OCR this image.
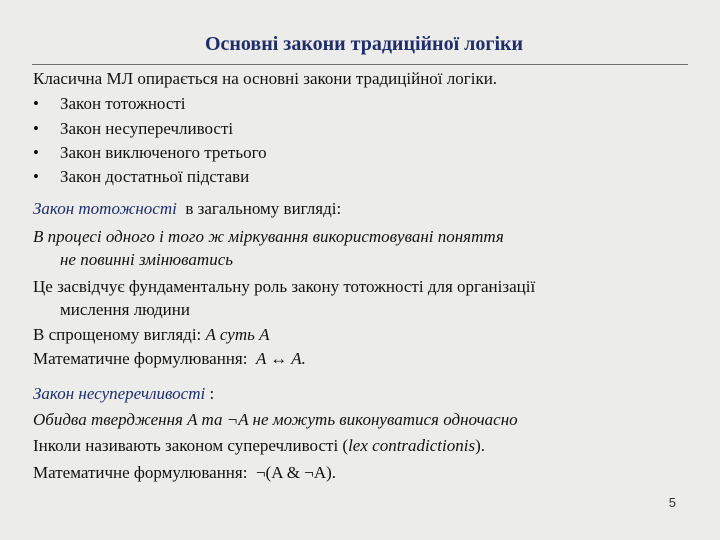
Основні закони традиційної логіки
Класична МЛ опирається на основні закони традиційної логіки.
• Закон тотожності
• Закон несуперечливості
• Закон виключеного третього
• Закон достатньої підстави
Закон тотожності в загальному вигляді:
В процесі одного і того ж міркування використовувані поняття
не повинні змінюватись
Це засвідчує фундаментальну роль закону тотожності для організації
мислення людини
В спрощеному вигляді: A суть A
Математичне формулювання: A ↔ A.
Закон несуперечливості :
Обидва твердження A та ¬A не можуть виконуватися одночасно
Інколи називають законом суперечливості (lex contradictionis).
Математичне формулювання: ¬(A & ¬A).
5
